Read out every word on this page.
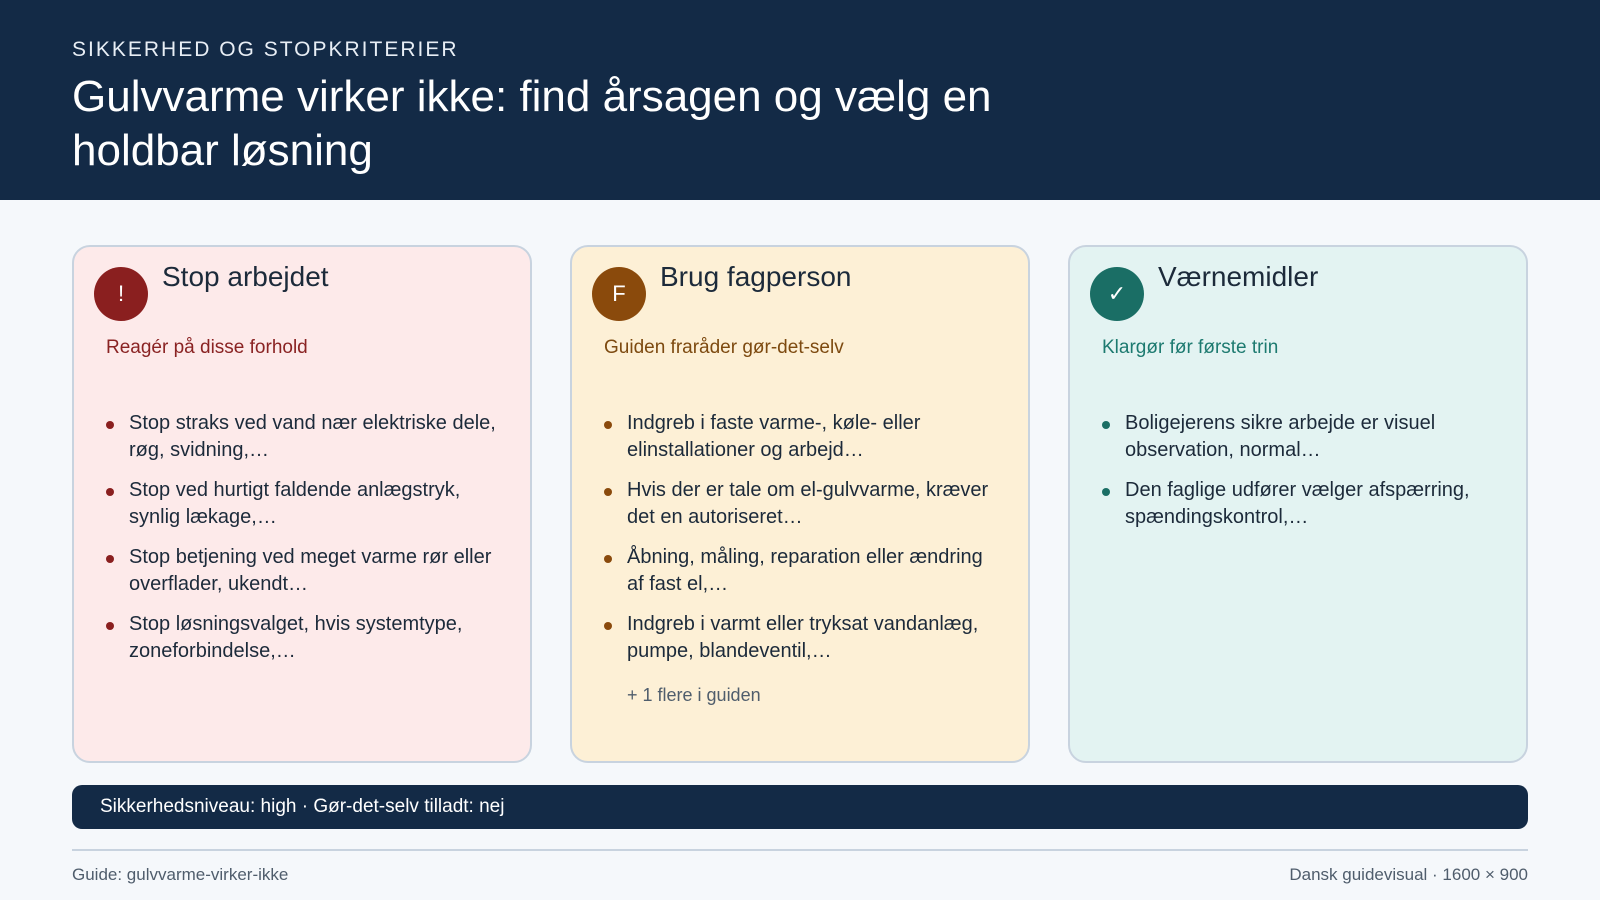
SIKKERHED OG STOPKRITERIER
Gulvvarme virker ikke: find årsagen og vælg en holdbar løsning
!
Stop arbejdet
Reagér på disse forhold
Stop straks ved vand nær elektriske dele, røg, svidning,…
Stop ved hurtigt faldende anlægstryk, synlig lækage,…
Stop betjening ved meget varme rør eller overflader, ukendt…
Stop løsningsvalget, hvis systemtype, zoneforbindelse,…
F
Brug fagperson
Guiden fraråder gør-det-selv
Indgreb i faste varme-, køle- eller elinstallationer og arbejd…
Hvis der er tale om el-gulvvarme, kræver det en autoriseret…
Åbning, måling, reparation eller ændring af fast el,…
Indgreb i varmt eller tryksat vandanlæg, pumpe, blandeventil,…
+ 1 flere i guiden
✓
Værnemidler
Klargør før første trin
Boligejerens sikre arbejde er visuel observation, normal…
Den faglige udfører vælger afspærring, spændingskontrol,…
Sikkerhedsniveau: high · Gør-det-selv tilladt: nej
Guide: gulvvarme-virker-ikke	Dansk guidevisual · 1600 × 900
